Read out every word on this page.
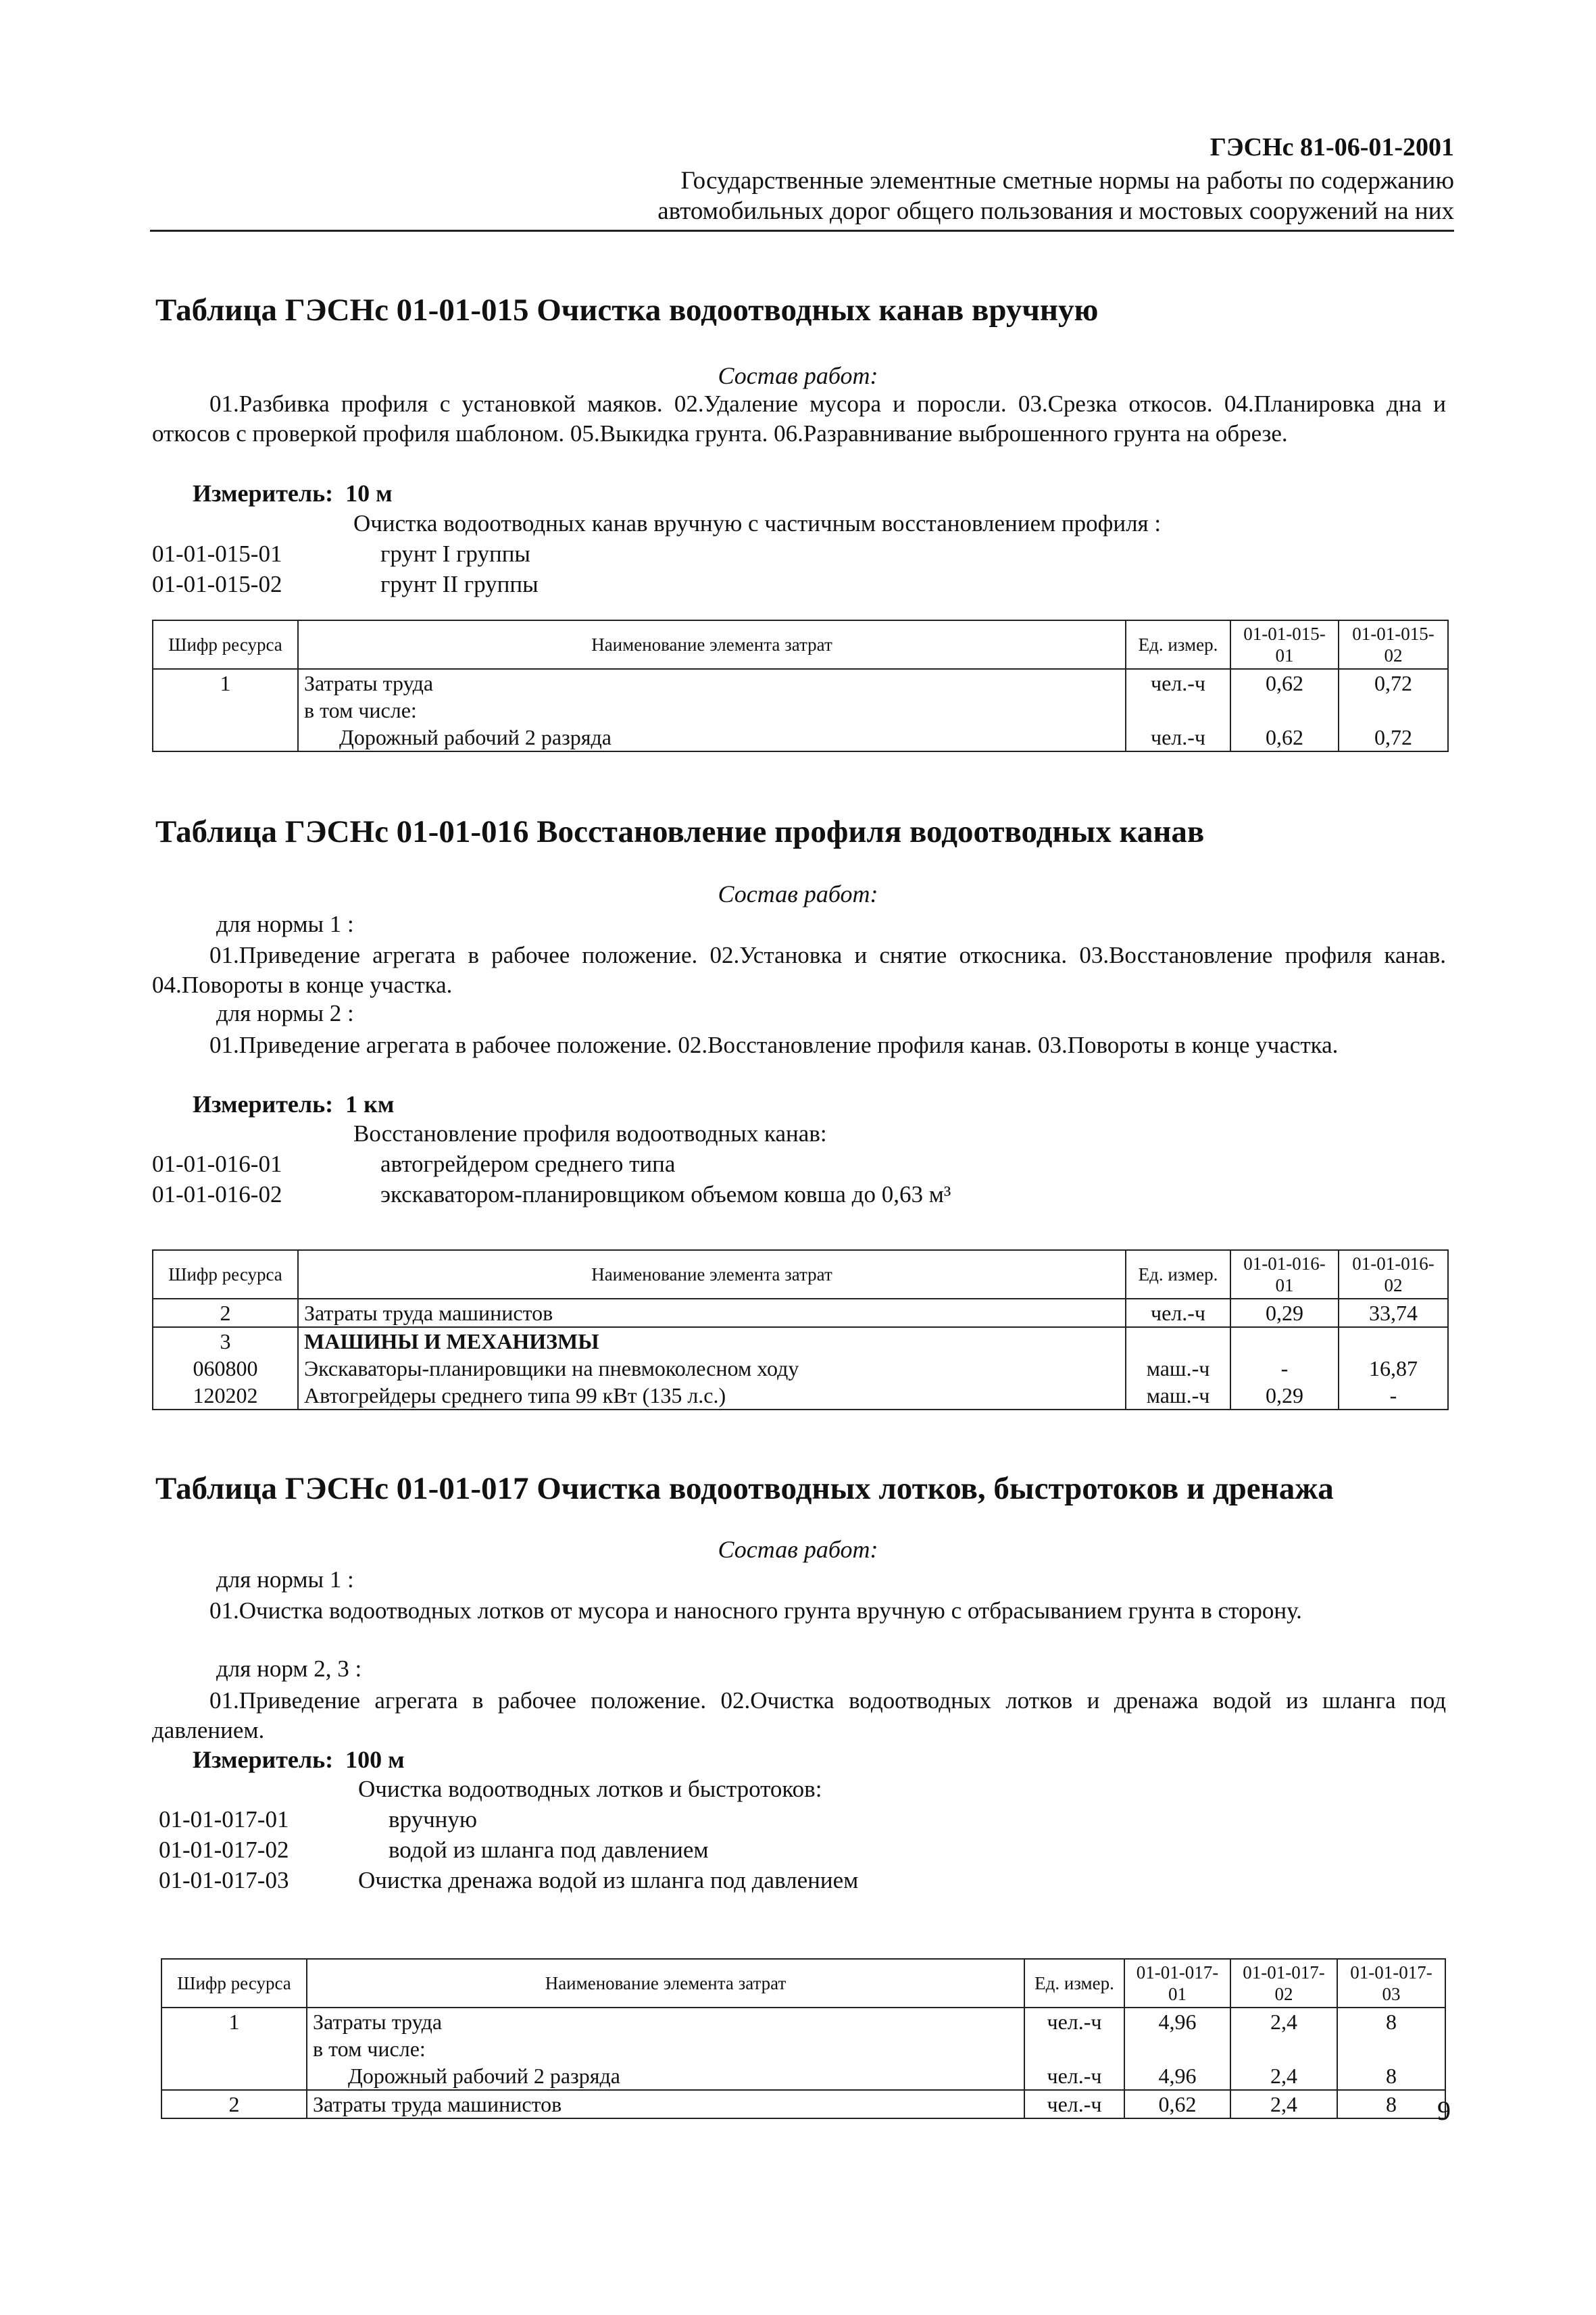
ГЭСНс 81-06-01-2001
Государственные элементные сметные нормы на работы по содержанию
автомобильных дорог общего пользования и мостовых сооружений на них
Таблица ГЭСНс 01-01-015 Очистка водоотводных канав вручную
Состав работ:
01.Разбивка профиля с установкой маяков. 02.Удаление мусора и поросли. 03.Срезка откосов. 04.Планировка дна и откосов с проверкой профиля шаблоном. 05.Выкидка грунта. 06.Разравнивание выброшенного грунта на обрезе.
Измеритель: 10 м
Очистка водоотводных канав вручную с частичным восстановлением профиля :
01-01-015-01	грунт I группы
01-01-015-02	грунт II группы
Шифр ресурса	Наименование элемента затрат	Ед. измер.	01-01-015-01	01-01-015-02
1	Затраты труда	чел.-ч	0,62	0,72
	в том числе:			
	Дорожный рабочий 2 разряда	чел.-ч	0,62	0,72
Таблица ГЭСНс 01-01-016 Восстановление профиля водоотводных канав
Состав работ:
для нормы 1 :
01.Приведение агрегата в рабочее положение. 02.Установка и снятие откосника. 03.Восстановление профиля канав. 04.Повороты в конце участка.
для нормы 2 :
01.Приведение агрегата в рабочее положение. 02.Восстановление профиля канав. 03.Повороты в конце участка.
Измеритель: 1 км
Восстановление профиля водоотводных канав:
01-01-016-01	автогрейдером среднего типа
01-01-016-02	экскаватором-планировщиком объемом ковша до 0,63 м³
Шифр ресурса	Наименование элемента затрат	Ед. измер.	01-01-016-01	01-01-016-02
2	Затраты труда машинистов	чел.-ч	0,29	33,74
3	МАШИНЫ И МЕХАНИЗМЫ			
060800	Экскаваторы-планировщики на пневмоколесном ходу	маш.-ч	-	16,87
120202	Автогрейдеры среднего типа 99 кВт (135 л.с.)	маш.-ч	0,29	-
Таблица ГЭСНс 01-01-017 Очистка водоотводных лотков, быстротоков и дренажа
Состав работ:
для нормы 1 :
01.Очистка водоотводных лотков от мусора и наносного грунта вручную с отбрасыванием грунта в сторону.
для норм 2, 3 :
01.Приведение агрегата в рабочее положение. 02.Очистка водоотводных лотков и дренажа водой из шланга под давлением.
Измеритель: 100 м
Очистка водоотводных лотков и быстротоков:
01-01-017-01	вручную
01-01-017-02	водой из шланга под давлением
01-01-017-03	Очистка дренажа водой из шланга под давлением
Шифр ресурса	Наименование элемента затрат	Ед. измер.	01-01-017-01	01-01-017-02	01-01-017-03
1	Затраты труда	чел.-ч	4,96	2,4	8
	в том числе:				
	Дорожный рабочий 2 разряда	чел.-ч	4,96	2,4	8
2	Затраты труда машинистов	чел.-ч	0,62	2,4	8 9
